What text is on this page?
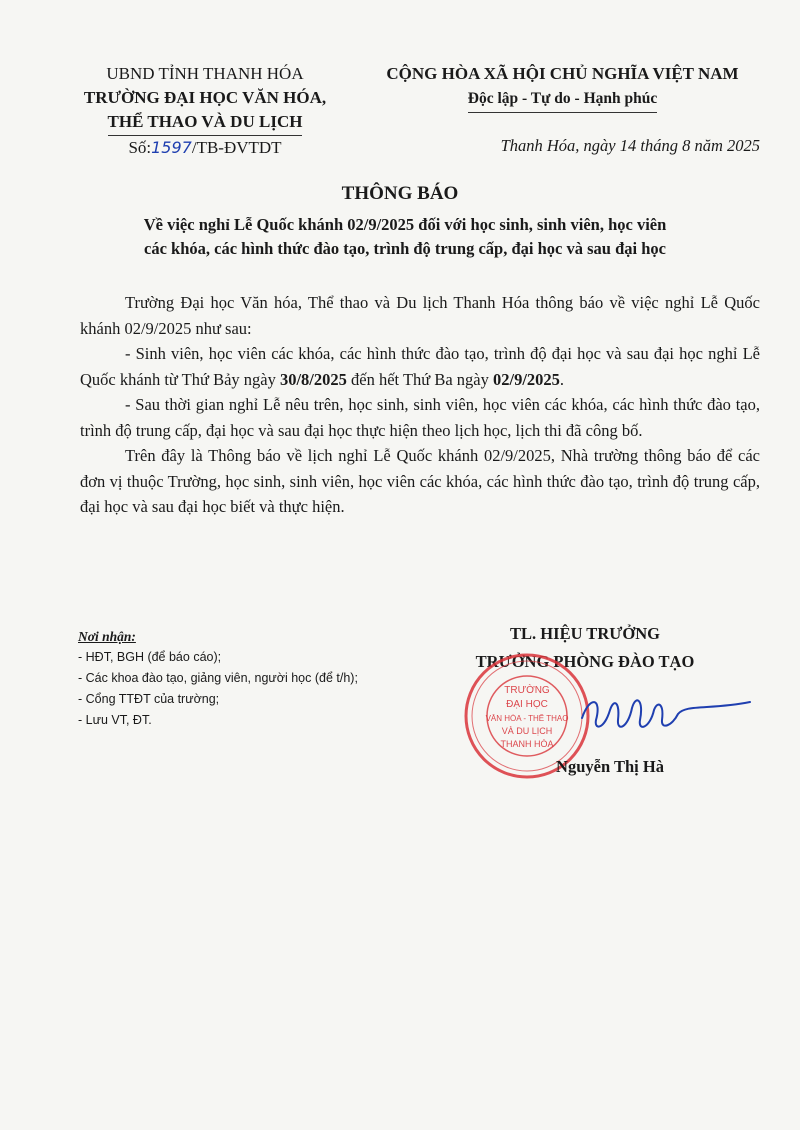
UBND TỈNH THANH HÓA
TRƯỜNG ĐẠI HỌC VĂN HÓA,
THỂ THAO VÀ DU LỊCH
Số:1597/TB-ĐVTDT
CỘNG HÒA XÃ HỘI CHỦ NGHĨA VIỆT NAM
Độc lập - Tự do - Hạnh phúc
Thanh Hóa, ngày 14 tháng 8 năm 2025
THÔNG BÁO
Về việc nghỉ Lễ Quốc khánh 02/9/2025 đối với học sinh, sinh viên, học viên
các khóa, các hình thức đào tạo, trình độ trung cấp, đại học và sau đại học

Trường Đại học Văn hóa, Thể thao và Du lịch Thanh Hóa thông báo về việc nghỉ Lễ Quốc khánh 02/9/2025 như sau:

- Sinh viên, học viên các khóa, các hình thức đào tạo, trình độ đại học và sau đại học nghỉ Lễ Quốc khánh từ Thứ Bảy ngày 30/8/2025 đến hết Thứ Ba ngày 02/9/2025.

- Sau thời gian nghỉ Lễ nêu trên, học sinh, sinh viên, học viên các khóa, các hình thức đào tạo, trình độ trung cấp, đại học và sau đại học thực hiện theo lịch học, lịch thi đã công bố.

Trên đây là Thông báo về lịch nghỉ Lễ Quốc khánh 02/9/2025, Nhà trường thông báo để các đơn vị thuộc Trường, học sinh, sinh viên, học viên các khóa, các hình thức đào tạo, trình độ trung cấp, đại học và sau đại học biết và thực hiện.

Nơi nhận:
- HĐT, BGH (để báo cáo);
- Các khoa đào tạo, giảng viên, người học (để t/h);
- Cổng TTĐT của trường;
- Lưu VT, ĐT.
TL. HIỆU TRƯỞNG
TRƯỞNG PHÒNG ĐÀO TẠO
TRƯỜNG
ĐẠI HỌC
VĂN HÓA - THỂ THAO
VÀ DU LỊCH
THANH HÓA
Nguyễn Thị Hà
